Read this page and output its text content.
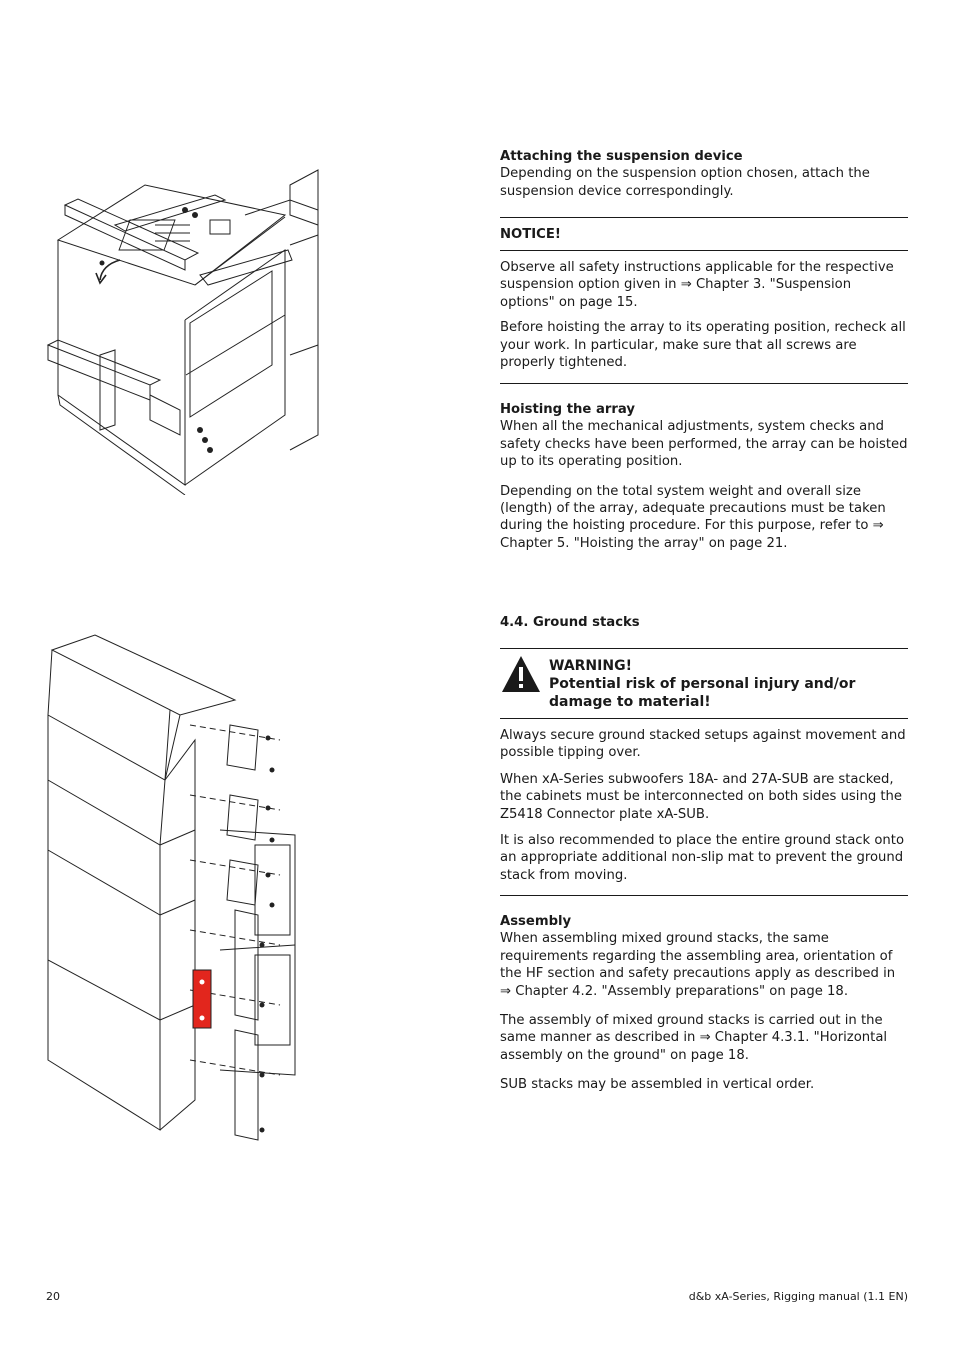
Attaching the suspension device

Depending on the suspension option chosen, attach the suspension device correspondingly.

NOTICE!

Observe all safety instructions applicable for the respective suspension option given in ⇒ Chapter 3. "Suspension options" on page 15.

Before hoisting the array to its operating position, recheck all your work. In particular, make sure that all screws are properly tightened.

Hoisting the array

When all the mechanical adjustments, system checks and safety checks have been performed, the array can be hoisted up to its operating position.

Depending on the total system weight and overall size (length) of the array, adequate precautions must be taken during the hoisting procedure. For this purpose, refer to ⇒ Chapter 5. "Hoisting the array" on page 21.

4.4. Ground stacks

WARNING!

Potential risk of personal injury and/or damage to material!

Always secure ground stacked setups against movement and possible tipping over.

When xA-Series subwoofers 18A- and 27A-SUB are stacked, the cabinets must be interconnected on both sides using the Z5418 Connector plate xA-SUB.

It is also recommended to place the entire ground stack onto an appropriate additional non-slip mat to prevent the ground stack from moving.

Assembly

When assembling mixed ground stacks, the same requirements regarding the assembling area, orientation of the HF section and safety precautions apply as described in ⇒ Chapter 4.2. "Assembly preparations" on page 18.

The assembly of mixed ground stacks is carried out in the same manner as described in ⇒ Chapter 4.3.1. "Horizontal assembly on the ground" on page 18.

SUB stacks may be assembled in vertical order.

20	d&b xA-Series, Rigging manual (1.1 EN)
